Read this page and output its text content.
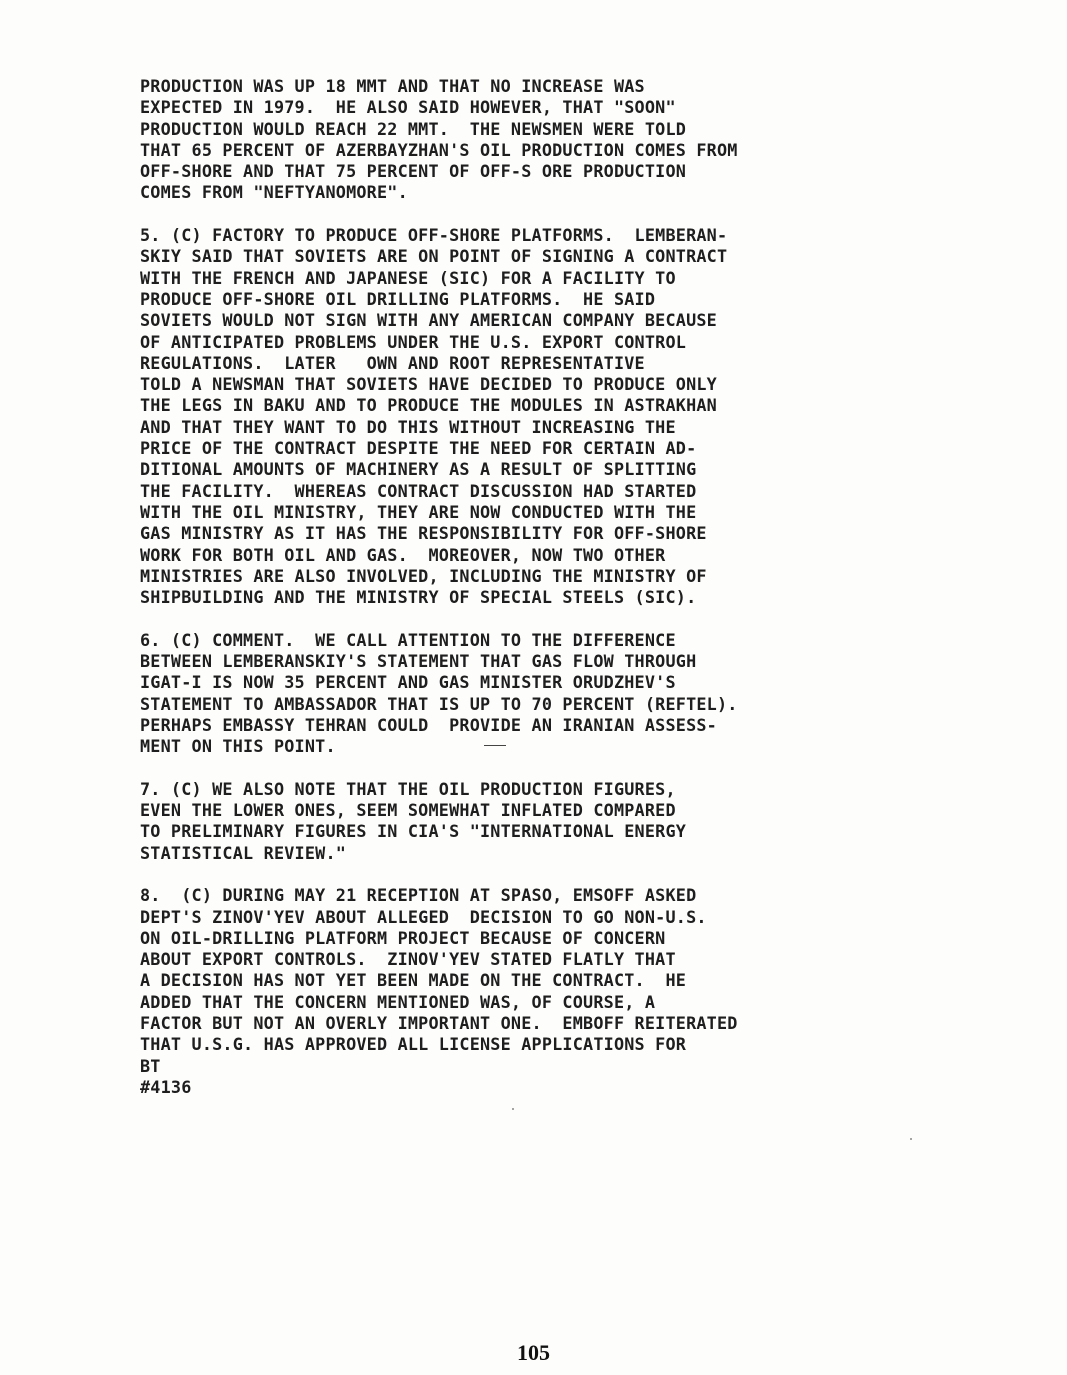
PRODUCTION WAS UP 18 MMT AND THAT NO INCREASE WAS
EXPECTED IN 1979.  HE ALSO SAID HOWEVER, THAT "SOON"
PRODUCTION WOULD REACH 22 MMT.  THE NEWSMEN WERE TOLD
THAT 65 PERCENT OF AZERBAYZHAN'S OIL PRODUCTION COMES FROM
OFF-SHORE AND THAT 75 PERCENT OF OFF-S ORE PRODUCTION
COMES FROM "NEFTYANOMORE".
5. (C) FACTORY TO PRODUCE OFF-SHORE PLATFORMS.  LEMBERAN-
SKIY SAID THAT SOVIETS ARE ON POINT OF SIGNING A CONTRACT
WITH THE FRENCH AND JAPANESE (SIC) FOR A FACILITY TO
PRODUCE OFF-SHORE OIL DRILLING PLATFORMS.  HE SAID
SOVIETS WOULD NOT SIGN WITH ANY AMERICAN COMPANY BECAUSE
OF ANTICIPATED PROBLEMS UNDER THE U.S. EXPORT CONTROL
REGULATIONS.  LATER   OWN AND ROOT REPRESENTATIVE
TOLD A NEWSMAN THAT SOVIETS HAVE DECIDED TO PRODUCE ONLY
THE LEGS IN BAKU AND TO PRODUCE THE MODULES IN ASTRAKHAN
AND THAT THEY WANT TO DO THIS WITHOUT INCREASING THE
PRICE OF THE CONTRACT DESPITE THE NEED FOR CERTAIN AD-
DITIONAL AMOUNTS OF MACHINERY AS A RESULT OF SPLITTING
THE FACILITY.  WHEREAS CONTRACT DISCUSSION HAD STARTED
WITH THE OIL MINISTRY, THEY ARE NOW CONDUCTED WITH THE
GAS MINISTRY AS IT HAS THE RESPONSIBILITY FOR OFF-SHORE
WORK FOR BOTH OIL AND GAS.  MOREOVER, NOW TWO OTHER
MINISTRIES ARE ALSO INVOLVED, INCLUDING THE MINISTRY OF
SHIPBUILDING AND THE MINISTRY OF SPECIAL STEELS (SIC).
6. (C) COMMENT.  WE CALL ATTENTION TO THE DIFFERENCE
BETWEEN LEMBERANSKIY'S STATEMENT THAT GAS FLOW THROUGH
IGAT-I IS NOW 35 PERCENT AND GAS MINISTER ORUDZHEV'S
STATEMENT TO AMBASSADOR THAT IS UP TO 70 PERCENT (REFTEL).
PERHAPS EMBASSY TEHRAN COULD  PROVIDE AN IRANIAN ASSESS-
MENT ON THIS POINT.
7. (C) WE ALSO NOTE THAT THE OIL PRODUCTION FIGURES,
EVEN THE LOWER ONES, SEEM SOMEWHAT INFLATED COMPARED
TO PRELIMINARY FIGURES IN CIA'S "INTERNATIONAL ENERGY
STATISTICAL REVIEW."
8.  (C) DURING MAY 21 RECEPTION AT SPASO, EMSOFF ASKED
DEPT'S ZINOV'YEV ABOUT ALLEGED  DECISION TO GO NON-U.S.
ON OIL-DRILLING PLATFORM PROJECT BECAUSE OF CONCERN
ABOUT EXPORT CONTROLS.  ZINOV'YEV STATED FLATLY THAT
A DECISION HAS NOT YET BEEN MADE ON THE CONTRACT.  HE
ADDED THAT THE CONCERN MENTIONED WAS, OF COURSE, A
FACTOR BUT NOT AN OVERLY IMPORTANT ONE.  EMBOFF REITERATED
THAT U.S.G. HAS APPROVED ALL LICENSE APPLICATIONS FOR
BT
#4136
105
